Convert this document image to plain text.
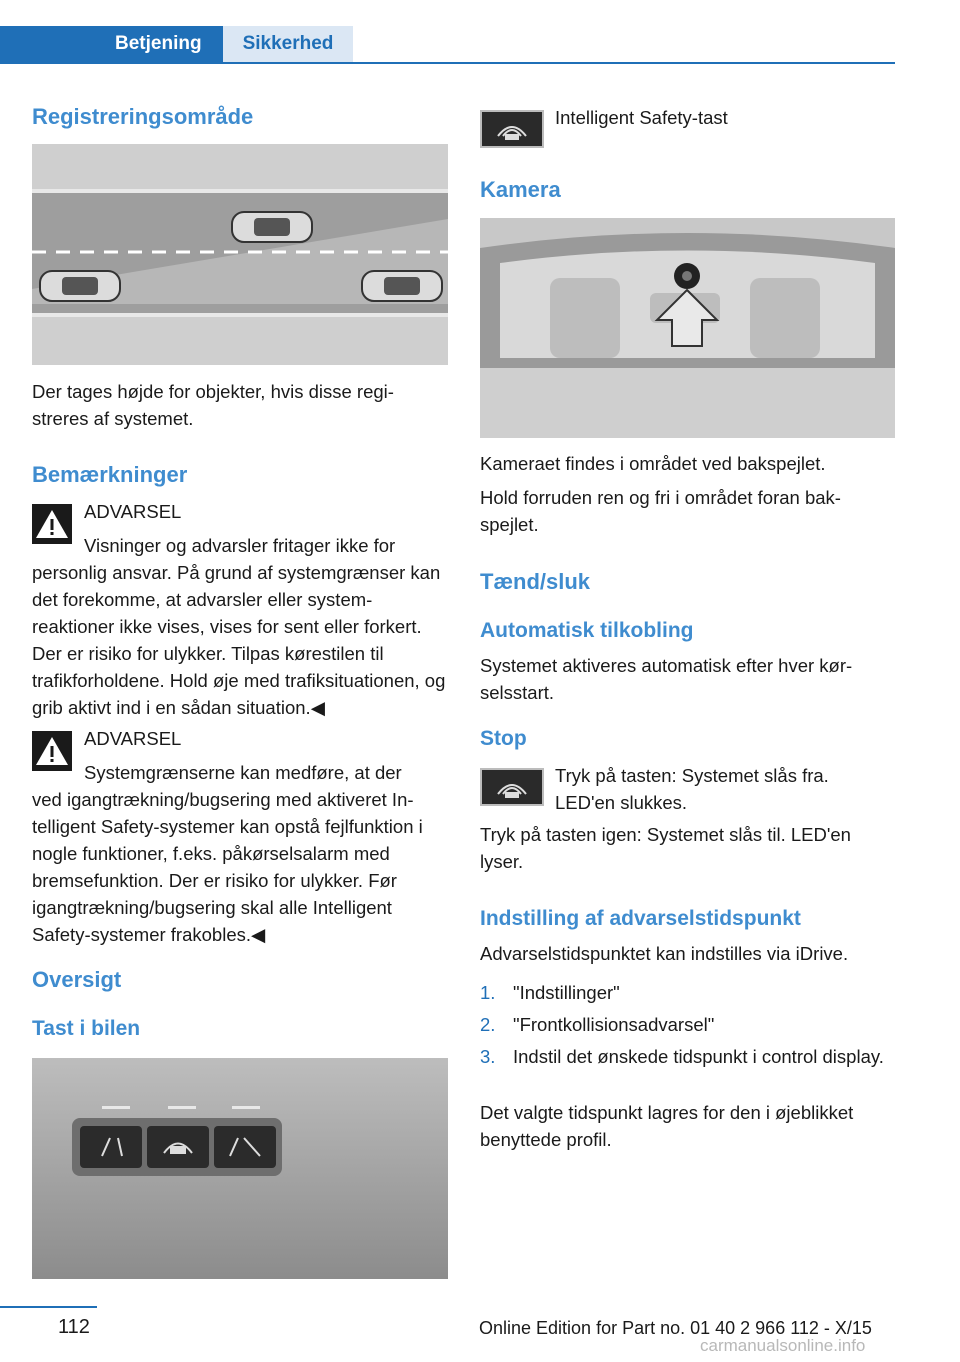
Betjening	Sikkerhed
Registreringsområde

Der tages højde for objekter, hvis disse registreres af systemet.

Bemærkninger

ADVARSEL

Visninger og advarsler fritager ikke for

personlig ansvar. På grund af systemgrænser kan det forekomme, at advarsler eller systemreaktioner ikke vises, vises for sent eller forkert. Der er risiko for ulykker. Tilpas kørestilen til trafikforholdene. Hold øje med trafiksituationen, og grib aktivt ind i en sådan situation.◀

ADVARSEL

Systemgrænserne kan medføre, at der

ved igangtrækning/bugsering med aktiveret Intelligent Safety-systemer kan opstå fejlfunktion i nogle funktioner, f.eks. påkørselsalarm med bremsefunktion. Der er risiko for ulykker. Før igangtrækning/bugsering skal alle Intelligent Safety-systemer frakobles.◀

Oversigt
Tast i bilen

Intelligent Safety-tast

Kamera

Kameraet findes i området ved bakspejlet.

Hold forruden ren og fri i området foran bakspejlet.

Tænd/sluk
Automatisk tilkobling

Systemet aktiveres automatisk efter hver kørselsstart.

Stop

Tryk på tasten: Systemet slås fra.

LED'en slukkes.

Tryk på tasten igen: Systemet slås til. LED'en lyser.

Indstilling af advarselstidspunkt

Advarselstidspunktet kan indstilles via iDrive.

1. "Indstillinger"
2. "Frontkollisionsadvarsel"
3. Indstil det ønskede tidspunkt i control display.

Det valgte tidspunkt lagres for den i øjeblikket benyttede profil.

112	Online Edition for Part no. 01 40 2 966 112 - X/15
carmanualsonline.info
